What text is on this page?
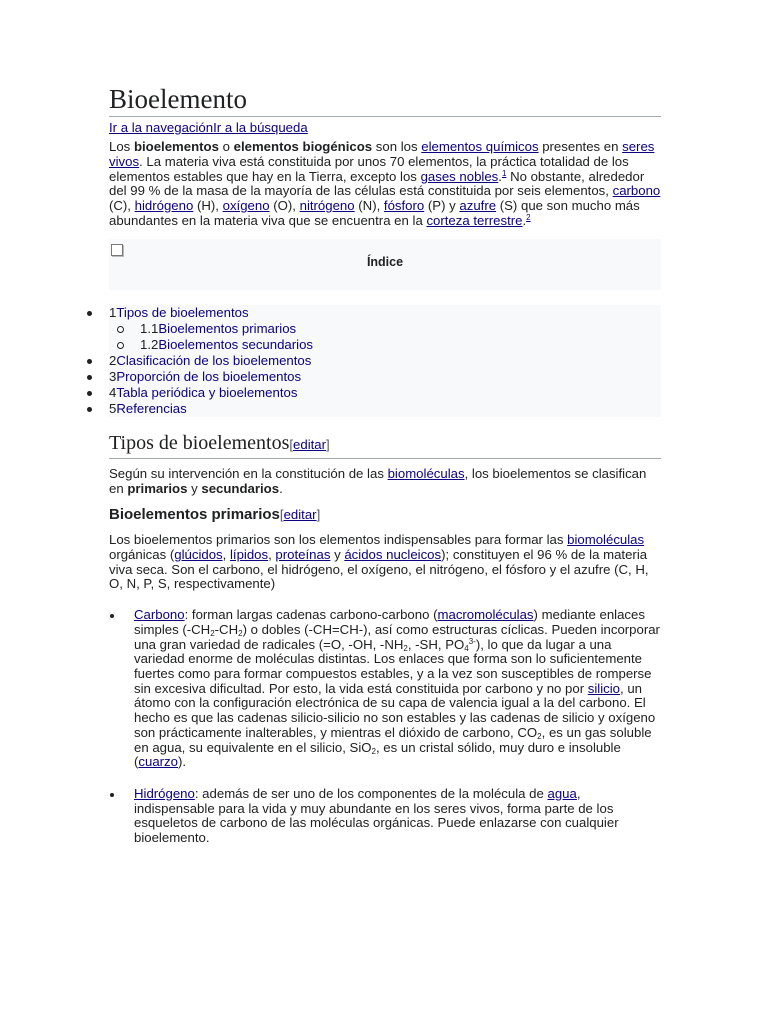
Bioelemento
Ir a la navegaciónIr a la búsqueda

Los bioelementos o elementos biogénicos son los elementos químicos presentes en seres vivos. La materia viva está constituida por unos 70 elementos, la práctica totalidad de los elementos estables que hay en la Tierra, excepto los gases nobles.$^1$ No obstante, alrededor del 99 % de la masa de la mayoría de las células está constituida por seis elementos, carbono (C), hidrógeno (H), oxígeno (O), nitrógeno (N), fósforo (P) y azufre (S) que son mucho más abundantes en la materia viva que se encuentra en la corteza terrestre.$^2$

Índice
1Tipos de bioelementos
1.1Bioelementos primarios
1.2Bioelementos secundarios
2Clasificación de los bioelementos
3Proporción de los bioelementos
4Tabla periódica y bioelementos
5Referencias
Tipos de bioelementos[editar]

Según su intervención en la constitución de las biomoléculas, los bioelementos se clasifican en primarios y secundarios.

Bioelementos primarios[editar]

Los bioelementos primarios son los elementos indispensables para formar las biomoléculas orgánicas (glúcidos, lípidos, proteínas y ácidos nucleicos); constituyen el 96 % de la materia viva seca. Son el carbono, el hidrógeno, el oxígeno, el nitrógeno, el fósforo y el azufre (C, H, O, N, P, S, respectivamente)

Carbono: forman largas cadenas carbono-carbono (macromoléculas) mediante enlaces simples $(-CH_2-CH_2)$ o dobles (-CH=CH-), así como estructuras cíclicas. Pueden incorporar una gran variedad de radicales (=O, -OH, $-NH_2$, -SH, $PO_4^{3-}$), lo que da lugar a una variedad enorme de moléculas distintas. Los enlaces que forma son lo suficientemente fuertes como para formar compuestos estables, y a la vez son susceptibles de romperse sin excesiva dificultad. Por esto, la vida está constituida por carbono y no por silicio, un átomo con la configuración electrónica de su capa de valencia igual a la del carbono. El hecho es que las cadenas silicio-silicio no son estables y las cadenas de silicio y oxígeno son prácticamente inalterables, y mientras el dióxido de carbono, $CO_2$, es un gas soluble en agua, su equivalente en el silicio, SiO$_2$, es un cristal sólido, muy duro e insoluble (cuarzo).
Hidrógeno: además de ser uno de los componentes de la molécula de agua, indispensable para la vida y muy abundante en los seres vivos, forma parte de los esqueletos de carbono de las moléculas orgánicas. Puede enlazarse con cualquier bioelemento.
